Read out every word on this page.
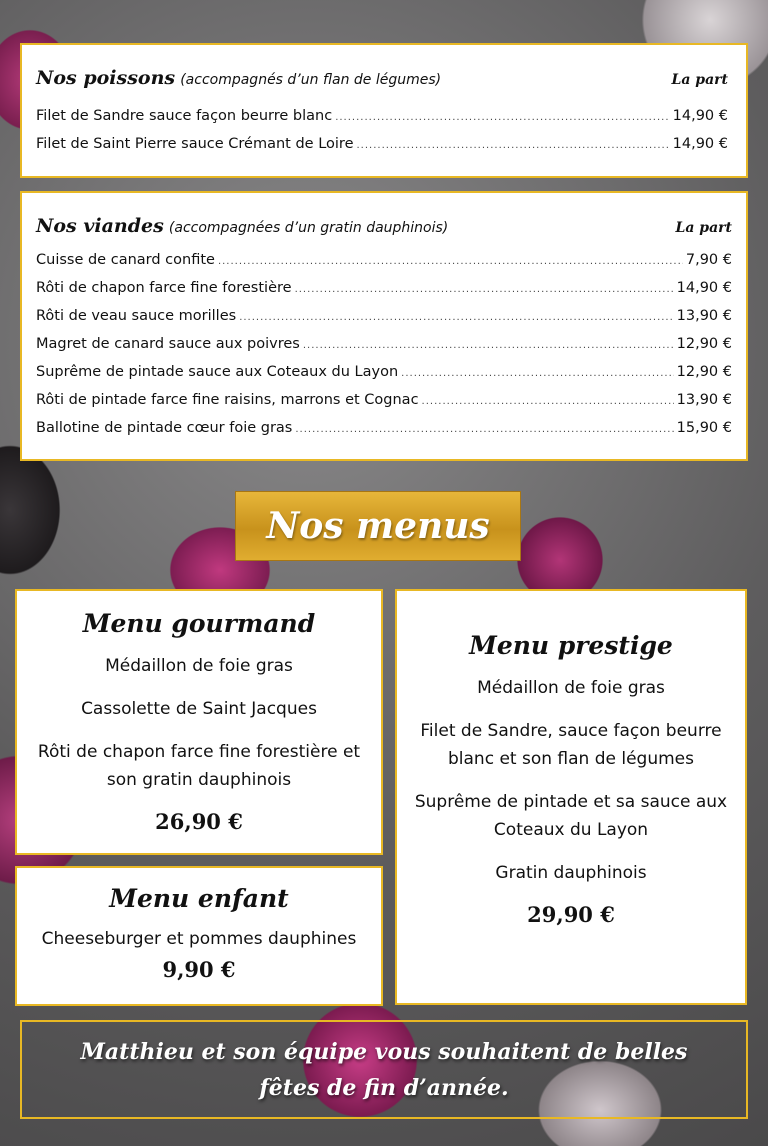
Nos poissons (accompagnés d’un flan de légumes)	La part
Filet de Sandre sauce façon beurre blanc .....	14,90 €
Filet de Saint Pierre sauce Crémant de Loire .....	14,90 €
Nos viandes (accompagnées d’un gratin dauphinois)	La part
Cuisse de canard confite .....	7,90 €
Rôti de chapon farce fine forestière .....	14,90 €
Rôti de veau sauce morilles .....	13,90 €
Magret de canard sauce aux poivres .....	12,90 €
Suprême de pintade sauce aux Coteaux du Layon .....	12,90 €
Rôti de pintade farce fine raisins, marrons et Cognac .....	13,90 €
Ballotine de pintade cœur foie gras .....	15,90 €
Nos menus
Menu gourmand
Médaillon de foie gras
Cassolette de Saint Jacques
Rôti de chapon farce fine forestière et son gratin dauphinois
26,90 €
Menu enfant
Cheeseburger et pommes dauphines
9,90 €
Menu prestige
Médaillon de foie gras
Filet de Sandre, sauce façon beurre blanc et son flan de légumes
Suprême de pintade et sa sauce aux Coteaux du Layon
Gratin dauphinois
29,90 €
Matthieu et son équipe vous souhaitent de belles fêtes de fin d’année.
